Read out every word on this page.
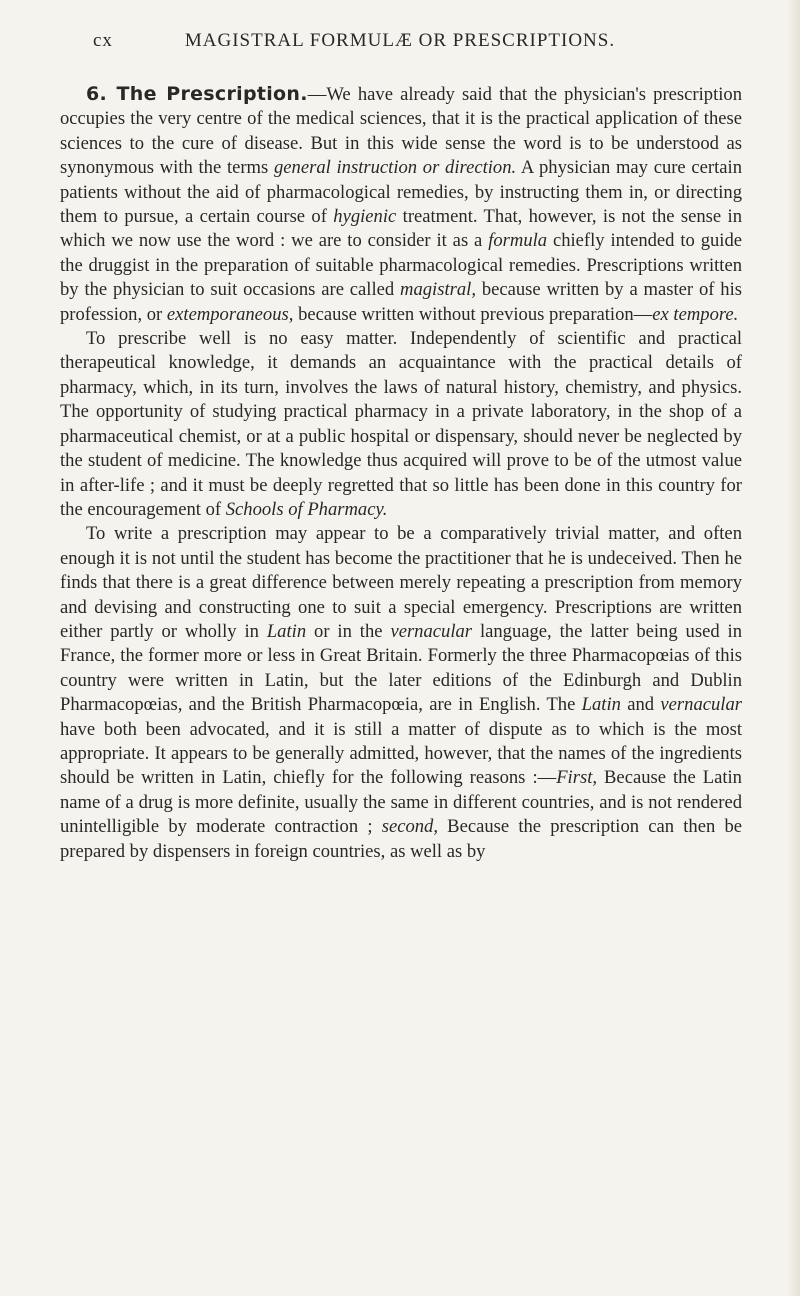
cx	MAGISTRAL FORMULÆ OR PRESCRIPTIONS.

6. The Prescription.—We have already said that the physician's prescription occupies the very centre of the medical sciences, that it is the practical application of these sciences to the cure of disease. But in this wide sense the word is to be understood as synonymous with the terms general instruction or direction. A physician may cure certain patients without the aid of pharmacological remedies, by instructing them in, or directing them to pursue, a certain course of hygienic treatment. That, however, is not the sense in which we now use the word : we are to consider it as a formula chiefly intended to guide the druggist in the preparation of suitable pharmacological remedies. Prescriptions written by the physician to suit occasions are called magistral, because written by a master of his profession, or extemporaneous, because written without previous preparation—ex tempore.

To prescribe well is no easy matter. Independently of scientific and practical therapeutical knowledge, it demands an acquaintance with the practical details of pharmacy, which, in its turn, involves the laws of natural history, chemistry, and physics. The opportunity of studying practical pharmacy in a private laboratory, in the shop of a pharmaceutical chemist, or at a public hospital or dispensary, should never be neglected by the student of medicine. The knowledge thus acquired will prove to be of the utmost value in after-life ; and it must be deeply regretted that so little has been done in this country for the encouragement of Schools of Pharmacy.

To write a prescription may appear to be a comparatively trivial matter, and often enough it is not until the student has become the practitioner that he is undeceived. Then he finds that there is a great difference between merely repeating a prescription from memory and devising and constructing one to suit a special emergency. Prescriptions are written either partly or wholly in Latin or in the vernacular language, the latter being used in France, the former more or less in Great Britain. Formerly the three Pharmacopœias of this country were written in Latin, but the later editions of the Edinburgh and Dublin Pharmacopœias, and the British Pharmacopœia, are in English. The Latin and vernacular have both been advocated, and it is still a matter of dispute as to which is the most appropriate. It appears to be generally admitted, however, that the names of the ingredients should be written in Latin, chiefly for the following reasons :—First, Because the Latin name of a drug is more definite, usually the same in different countries, and is not rendered unintelligible by moderate contraction ; second, Because the prescription can then be prepared by dispensers in foreign countries, as well as by
